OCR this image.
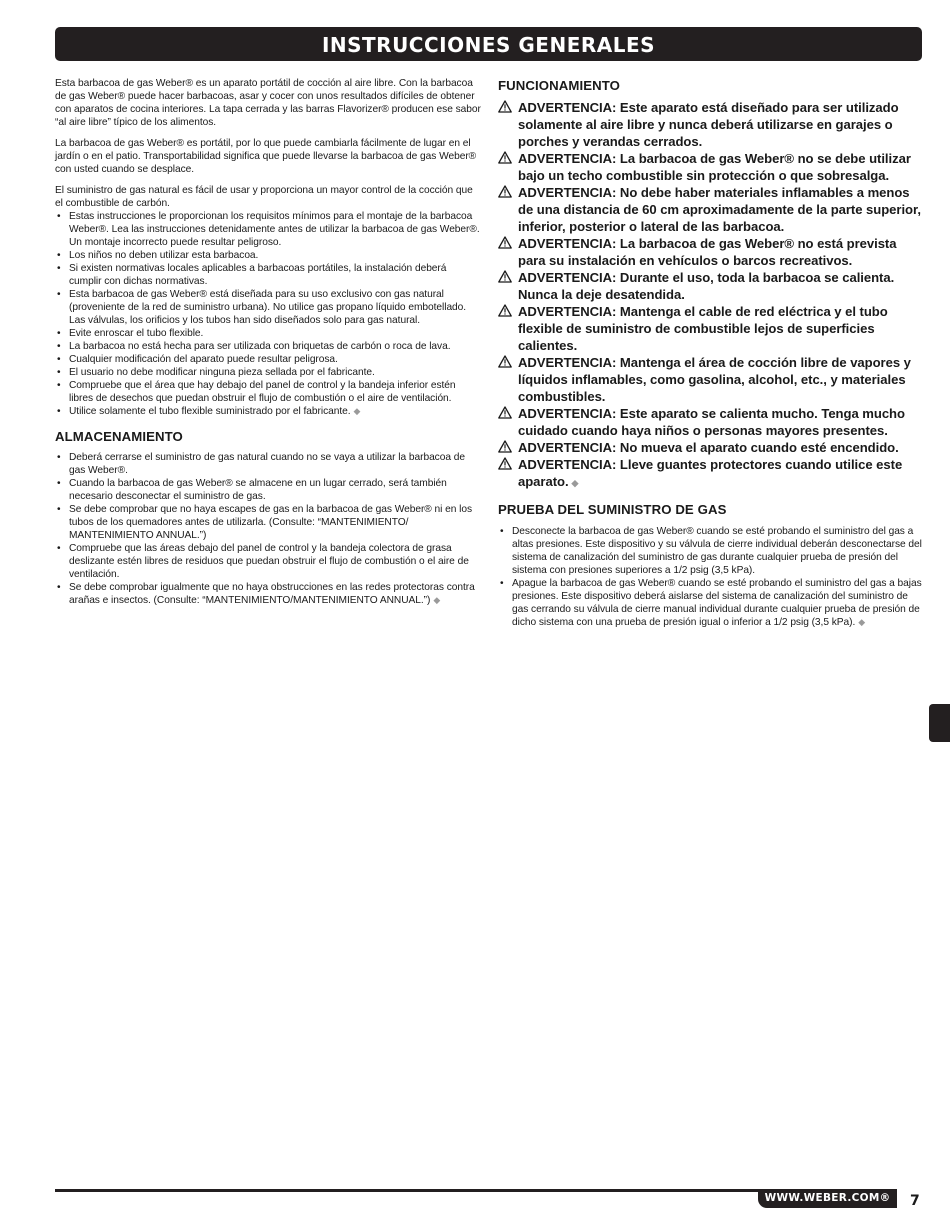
INSTRUCCIONES GENERALES

Esta barbacoa de gas Weber® es un aparato portátil de cocción al aire libre. Con la barbacoa de gas Weber® puede hacer barbacoas, asar y cocer con unos resultados difíciles de obtener con aparatos de cocina interiores. La tapa cerrada y las barras Flavorizer® producen ese sabor “al aire libre” típico de los alimentos.

La barbacoa de gas Weber® es portátil, por lo que puede cambiarla fácilmente de lugar en el jardín o en el patio. Transportabilidad significa que puede llevarse la barbacoa de gas Weber® con usted cuando se desplace.

El suministro de gas natural es fácil de usar y proporciona un mayor control de la cocción que el combustible de carbón.

• Estas instrucciones le proporcionan los requisitos mínimos para el montaje de la barbacoa Weber®. Lea las instrucciones detenidamente antes de utilizar la barbacoa de gas Weber®. Un montaje incorrecto puede resultar peligroso.
• Los niños no deben utilizar esta barbacoa.
• Si existen normativas locales aplicables a barbacoas portátiles, la instalación deberá cumplir con dichas normativas.
• Esta barbacoa de gas Weber® está diseñada para su uso exclusivo con gas natural (proveniente de la red de suministro urbana). No utilice gas propano líquido embotellado. Las válvulas, los orificios y los tubos han sido diseñados solo para gas natural.
• Evite enroscar el tubo flexible.
• La barbacoa no está hecha para ser utilizada con briquetas de carbón o roca de lava.
• Cualquier modificación del aparato puede resultar peligrosa.
• El usuario no debe modificar ninguna pieza sellada por el fabricante.
• Compruebe que el área que hay debajo del panel de control y la bandeja inferior estén libres de desechos que puedan obstruir el flujo de combustión o el aire de ventilación.
• Utilice solamente el tubo flexible suministrado por el fabricante. ◆
ALMACENAMIENTO
• Deberá cerrarse el suministro de gas natural cuando no se vaya a utilizar la barbacoa de gas Weber®.
• Cuando la barbacoa de gas Weber® se almacene en un lugar cerrado, será también necesario desconectar el suministro de gas.
• Se debe comprobar que no haya escapes de gas en la barbacoa de gas Weber® ni en los tubos de los quemadores antes de utilizarla. (Consulte: “MANTENIMIENTO/ MANTENIMIENTO ANNUAL.”)
• Compruebe que las áreas debajo del panel de control y la bandeja colectora de grasa deslizante estén libres de residuos que puedan obstruir el flujo de combustión o el aire de ventilación.
• Se debe comprobar igualmente que no haya obstrucciones en las redes protectoras contra arañas e insectos. (Consulte: “MANTENIMIENTO/MANTENIMIENTO ANNUAL.”) ◆
FUNCIONAMIENTO
ADVERTENCIA: Este aparato está diseñado para ser utilizado solamente al aire libre y nunca deberá utilizarse en garajes o porches y verandas cerrados.
ADVERTENCIA: La barbacoa de gas Weber® no se debe utilizar bajo un techo combustible sin protección o que sobresalga.
ADVERTENCIA: No debe haber materiales inflamables a menos de una distancia de 60 cm aproximadamente de la parte superior, inferior, posterior o lateral de las barbacoa.
ADVERTENCIA: La barbacoa de gas Weber® no está prevista para su instalación en vehículos o barcos recreativos.
ADVERTENCIA: Durante el uso, toda la barbacoa se calienta. Nunca la deje desatendida.
ADVERTENCIA: Mantenga el cable de red eléctrica y el tubo flexible de suministro de combustible lejos de superficies calientes.
ADVERTENCIA: Mantenga el área de cocción libre de vapores y líquidos inflamables, como gasolina, alcohol, etc., y materiales combustibles.
ADVERTENCIA: Este aparato se calienta mucho. Tenga mucho cuidado cuando haya niños o personas mayores presentes.
ADVERTENCIA: No mueva el aparato cuando esté encendido.
ADVERTENCIA: Lleve guantes protectores cuando utilice este aparato. ◆
PRUEBA DEL SUMINISTRO DE GAS
• Desconecte la barbacoa de gas Weber® cuando se esté probando el suministro del gas a altas presiones. Este dispositivo y su válvula de cierre individual deberán desconectarse del sistema de canalización del suministro de gas durante cualquier prueba de presión del sistema con presiones superiores a 1/2 psig (3,5 kPa).
• Apague la barbacoa de gas Weber® cuando se esté probando el suministro del gas a bajas presiones. Este dispositivo deberá aislarse del sistema de canalización del suministro de gas cerrando su válvula de cierre manual individual durante cualquier prueba de presión de dicho sistema con una prueba de presión igual o inferior a 1/2 psig (3,5 kPa). ◆
WWW.WEBER.COM®	7
